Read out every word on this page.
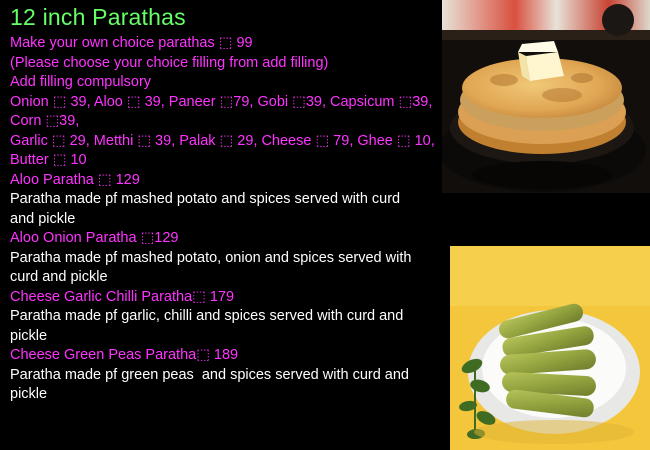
12 inch Parathas

Make your own choice parathas ⬚ 99

(Please choose your choice filling from add filling)

Add filling compulsory

Onion ⬚ 39, Aloo ⬚ 39, Paneer ⬚79, Gobi ⬚39, Capsicum ⬚39,

Corn ⬚39,

Garlic ⬚ 29, Metthi ⬚ 39, Palak ⬚ 29, Cheese ⬚ 79, Ghee ⬚ 10,

Butter ⬚ 10

Aloo Paratha ⬚ 129

Paratha made pf mashed potato and spices served with curd

and pickle

Aloo Onion Paratha ⬚129

Paratha made pf mashed potato, onion and spices served with

curd and pickle

Cheese Garlic Chilli Paratha⬚ 179

Paratha made pf garlic, chilli and spices served with curd and

pickle

Cheese Green Peas Paratha⬚ 189

Paratha made pf green peas  and spices served with curd and

pickle
